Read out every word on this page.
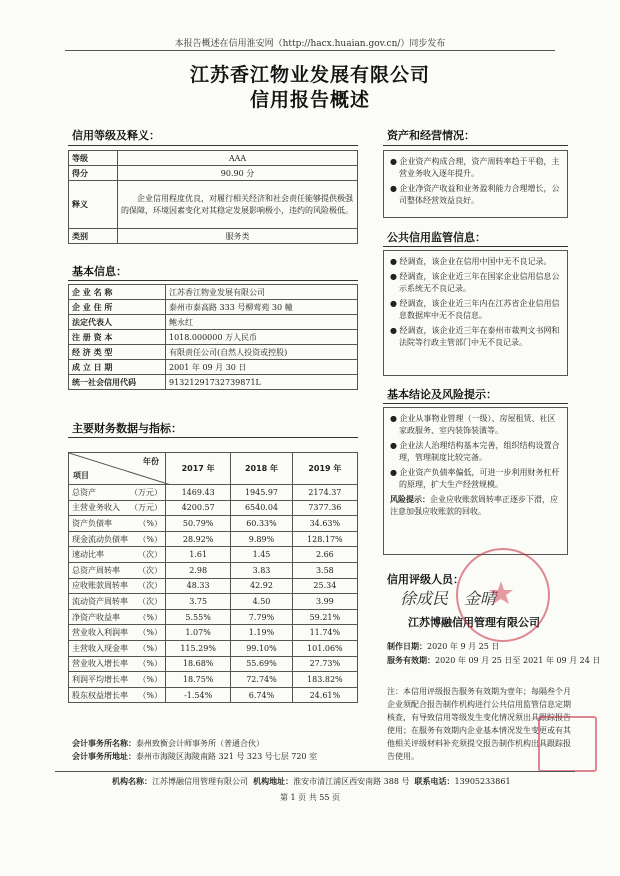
本报告概述在信用淮安网（http://hacx.huaian.gov.cn/）同步发布
江苏香江物业发展有限公司
信用报告概述
信用等级及释义：
等级	AAA
得分	90.90 分
释义	企业信用程度优良，对履行相关经济和社会责任能够提供极强的保障，环境因素变化对其稳定发展影响极小，违约的风险极低。
类别	服务类
基本信息：
企 业 名 称	江苏香江物业发展有限公司
企 业 住 所	泰州市泰高路 333 号柳莺苑 30 幢
法定代表人	鲍永红
注 册 资 本	1018.000000 万人民币
经 济 类 型	有限责任公司(自然人投资或控股)
成 立 日 期	2001 年 09 月 30 日
统一社会信用代码	91321291732739871L
主要财务数据与指标：
年份
项目	2017 年	2018 年	2019 年
总资产 （万元）	1469.43	1945.97	2174.37
主营业务收入 （万元）	4200.57	6540.04	7377.36
资产负债率 （%）	50.79%	60.33%	34.63%
现金流动负债率 （%）	28.92%	9.89%	128.17%
速动比率 （次）	1.61	1.45	2.66
总资产周转率 （次）	2.98	3.83	3.58
应收账款周转率 （次）	48.33	42.92	25.34
流动资产周转率 （次）	3.75	4.50	3.99
净资产收益率 （%）	5.55%	7.79%	59.21%
营业收入利润率 （%）	1.07%	1.19%	11.74%
主营收入现金率 （%）	115.29%	99.10%	101.06%
营业收入增长率 （%）	18.68%	55.69%	27.73%
利润平均增长率 （%）	18.75%	72.74%	183.82%
股东权益增长率 （%）	-1.54%	6.74%	24.61%
会计事务所名称：泰州致衡会计师事务所（普通合伙）
会计事务所地址：泰州市海陵区海陵南路 321 号 323 号七层 720 室
资产和经营情况：
● 企业资产构成合理，资产周转率趋于平稳，主营业务收入逐年提升。
● 企业净资产收益和业务盈利能力合理增长，公司整体经营效益良好。
公共信用监管信息：
● 经调查，该企业在信用中国中无不良记录。
● 经调查，该企业近三年在国家企业信用信息公示系统无不良记录。
● 经调查，该企业近三年内在江苏省企业信用信息数据库中无不良信息。
● 经调查，该企业近三年在泰州市裁判文书网和法院等行政主管部门中无不良记录。
基本结论及风险提示：
● 企业从事物业管理（一级）、房屋租赁、社区家政服务、室内装饰装潢等。
● 企业法人治理结构基本完善，组织结构设置合理，管理制度比较完备。
● 企业资产负债率偏低，可进一步利用财务杠杆的原理，扩大生产经营规模。
风险提示：企业应收账款周转率正逐步下滑，应注意加强应收账款的回收。
信用评级人员：
徐成民　金晴
江苏博融信用管理有限公司
制作日期：2020 年 9 月 25 日
服务有效期：2020 年 09 月 25 日至 2021 年 09 月 24 日
注：本信用评级报告服务有效期为壹年；每隔叁个月企业须配合报告制作机构进行公共信用监管信息定期核查，有导致信用等级发生变化情况须出具跟踪报告使用；在服务有效期内企业基本情况发生变更或有其他相关评级材料补充须提交报告制作机构出具跟踪报告使用。
机构名称：江苏博融信用管理有限公司 机构地址：淮安市清江浦区西安南路 388 号 联系电话：13905233861
第 1 页 共 55 页
